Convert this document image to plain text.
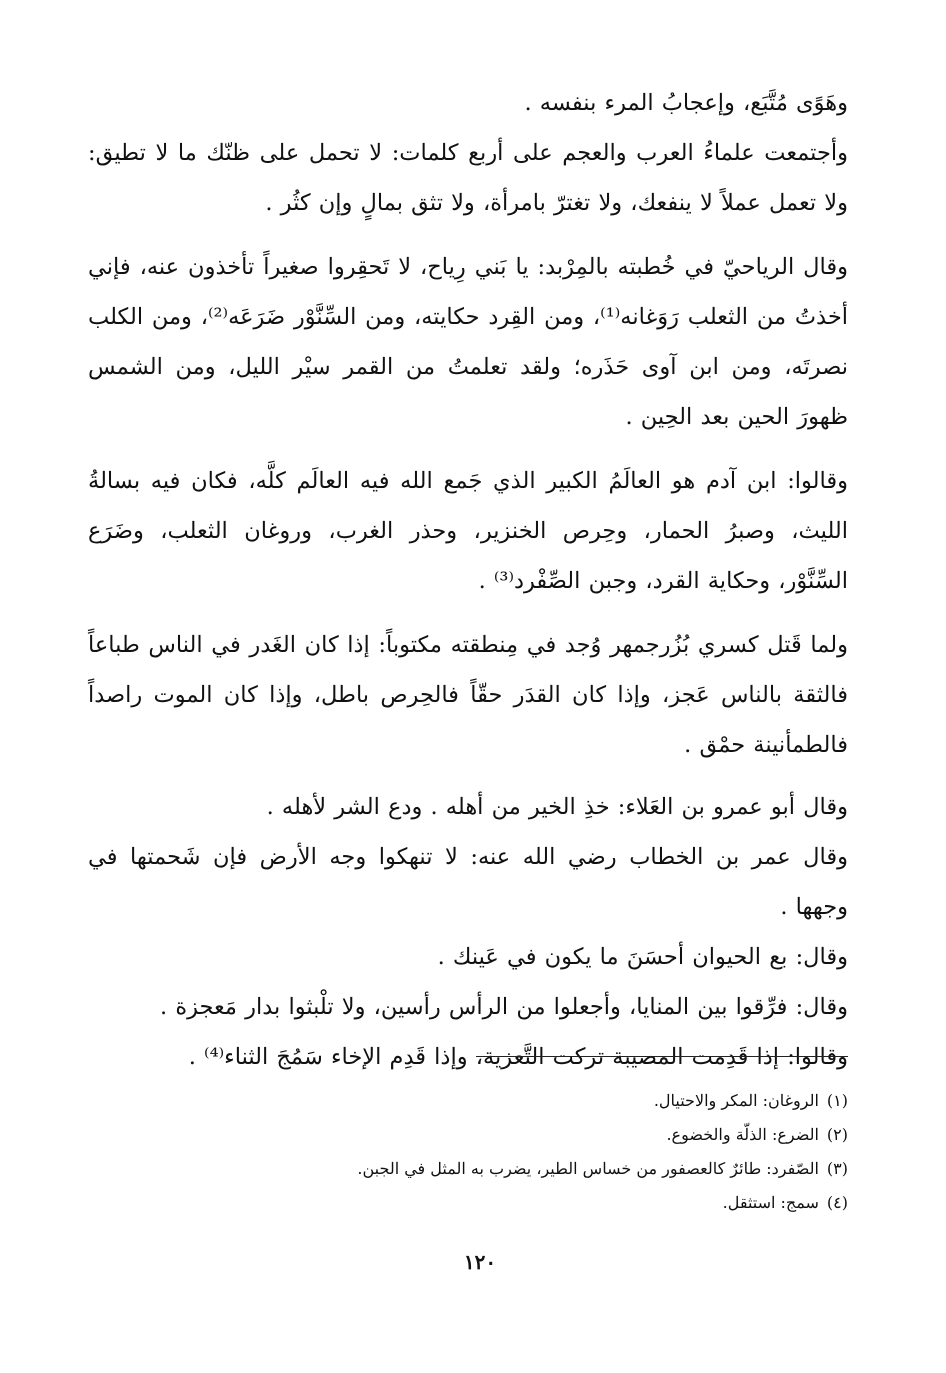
وهَوًى مُتَّبَع، وإعجابُ المرء بنفسه .

وأجتمعت علماءُ العرب والعجم على أربع كلمات: لا تحمل على ظنّك ما لا تطيق: ولا تعمل عملاً لا ينفعك، ولا تغترّ بامرأة، ولا تثق بمالٍ وإن كثُر .

وقال الرياحيّ في خُطبته بالمِرْبد: يا بَني رِياح، لا تَحقِروا صغيراً تأخذون عنه، فإني أخذتُ من الثعلب رَوَغانه⁽¹⁾، ومن القِرد حكايته، ومن السِّنَّوْر ضَرَعَه⁽²⁾، ومن الكلب نصرتَه، ومن ابن آوى حَذَره؛ ولقد تعلمتُ من القمر سيْر الليل، ومن الشمس ظهورَ الحين بعد الحِين .

وقالوا: ابن آدم هو العالَمُ الكبير الذي جَمع الله فيه العالَم كلَّه، فكان فيه بسالةُ الليث، وصبرُ الحمار، وحِرص الخنزير، وحذر الغرب، وروغان الثعلب، وضَرَع السِّنَّوْر، وحكاية القرد، وجبن الصِّفْرد⁽³⁾ .

ولما قَتل كسري بُزُرجمهر وُجد في مِنطقته مكتوباً: إذا كان الغَدر في الناس طباعاً فالثقة بالناس عَجز، وإذا كان القدَر حقّاً فالحِرص باطل، وإذا كان الموت راصداً فالطمأنينة حمْق .

وقال أبو عمرو بن العَلاء: خذِ الخير من أهله . ودع الشر لأهله .

وقال عمر بن الخطاب رضي الله عنه: لا تنهكوا وجه الأرض فإن شَحمتها في وجهها .

وقال: بع الحيوان أحسَنَ ما يكون في عَينك .

وقال: فرِّقوا بين المنايا، وأجعلوا من الرأس رأسين، ولا تلْبثوا بدار مَعجزة .

وقالوا: إذا قَدِمت المصيبة تركت التَّعزية، وإذا قَدِم الإخاء سَمُجَ الثناء⁽⁴⁾ .

(١)الروغان: المكر والاحتيال.

(٢)الضرع: الذلّة والخضوع.

(٣)الصّفرد: طائرٌ كالعصفور من خساس الطير، يضرب به المثل في الجبن.

(٤)سمج: استثقل.

١٢٠
